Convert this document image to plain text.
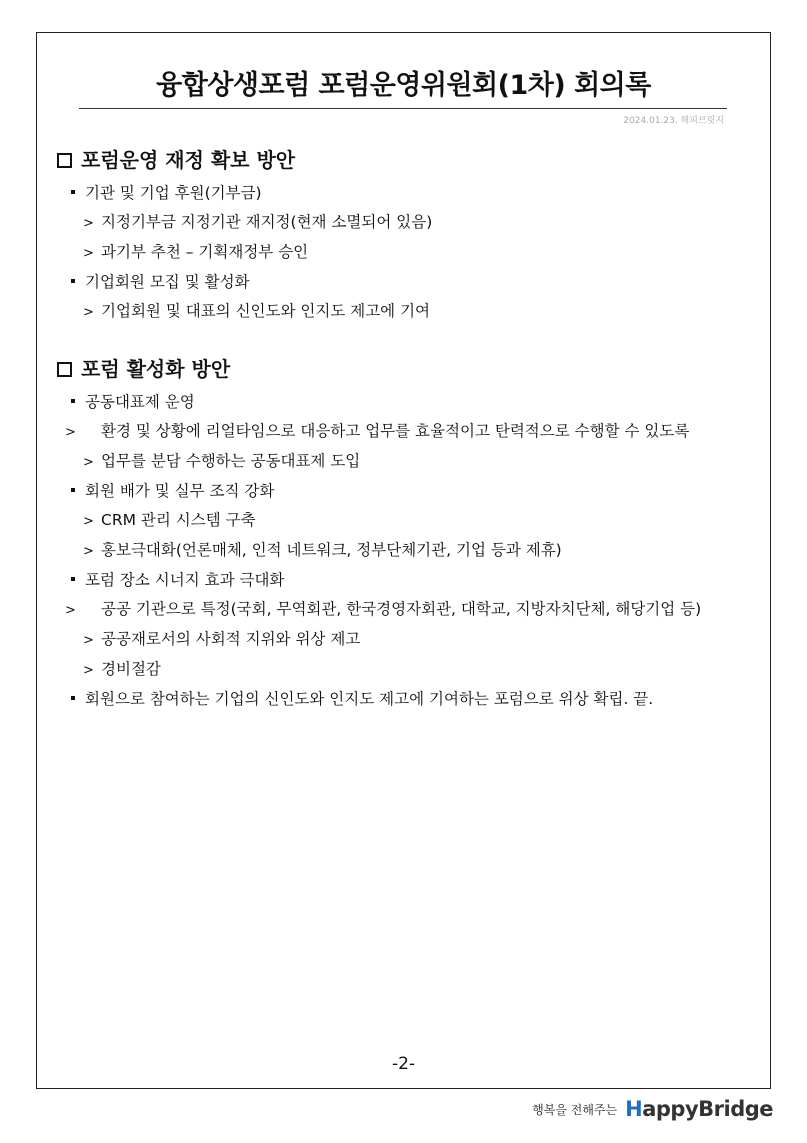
융합상생포럼 포럼운영위원회(1차) 회의록
2024.01.23. 해피브릿지
포럼운영 재정 확보 방안
기관 및 기업 후원(기부금)
> 지정기부금 지정기관 재지정(현재 소멸되어 있음)
> 과기부 추천 – 기획재정부 승인
기업회원 모집 및 활성화
> 기업회원 및 대표의 신인도와 인지도 제고에 기여
포럼 활성화 방안
공동대표제 운영
> 환경 및 상황에 리얼타임으로 대응하고 업무를 효율적이고 탄력적으로 수행할 수 있도록
> 업무를 분담 수행하는 공동대표제 도입
회원 배가 및 실무 조직 강화
> CRM 관리 시스템 구축
> 홍보극대화(언론매체, 인적 네트워크, 정부단체기관, 기업 등과 제휴)
포럼 장소 시너지 효과 극대화
> 공공 기관으로 특정(국회, 무역회관, 한국경영자회관, 대학교, 지방자치단체, 해당기업 등)
> 공공재로서의 사회적 지위와 위상 제고
> 경비절감
회원으로 참여하는 기업의 신인도와 인지도 제고에 기여하는 포럼으로 위상 확립. 끝.
-2-
행복을 전해주는 HappyBridge
